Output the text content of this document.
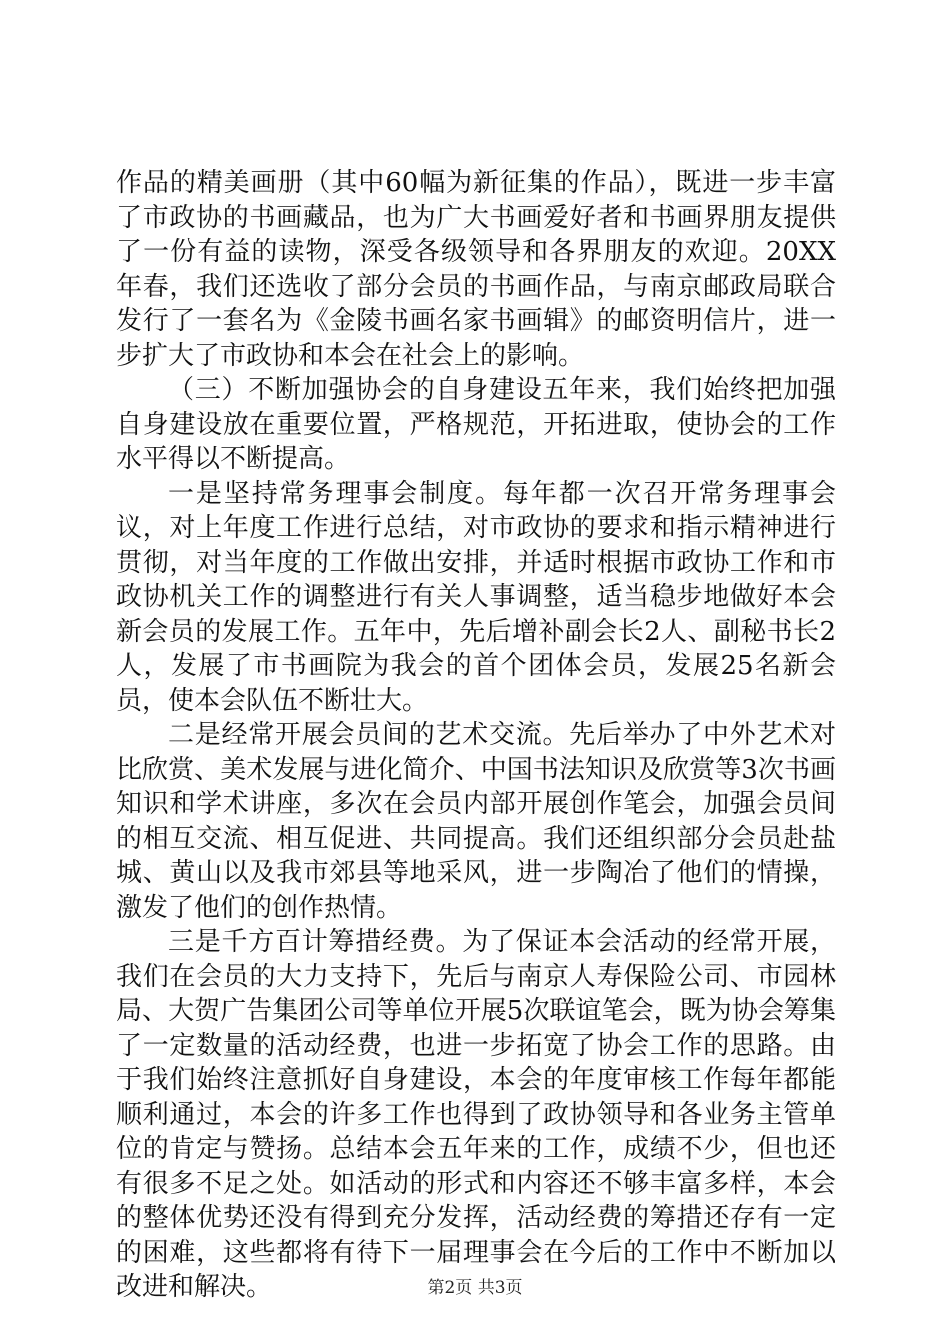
作品的精美画册（其中60幅为新征集的作品），既进一步丰富了市政协的书画藏品，也为广大书画爱好者和书画界朋友提供了一份有益的读物，深受各级领导和各界朋友的欢迎。20XX年春，我们还选收了部分会员的书画作品，与南京邮政局联合发行了一套名为《金陵书画名家书画辑》的邮资明信片，进一步扩大了市政协和本会在社会上的影响。

（三）不断加强协会的自身建设五年来，我们始终把加强自身建设放在重要位置，严格规范，开拓进取，使协会的工作水平得以不断提高。

一是坚持常务理事会制度。每年都一次召开常务理事会议，对上年度工作进行总结，对市政协的要求和指示精神进行贯彻，对当年度的工作做出安排，并适时根据市政协工作和市政协机关工作的调整进行有关人事调整，适当稳步地做好本会新会员的发展工作。五年中，先后增补副会长2人、副秘书长2人，发展了市书画院为我会的首个团体会员，发展25名新会员，使本会队伍不断壮大。

二是经常开展会员间的艺术交流。先后举办了中外艺术对比欣赏、美术发展与进化简介、中国书法知识及欣赏等3次书画知识和学术讲座，多次在会员内部开展创作笔会，加强会员间的相互交流、相互促进、共同提高。我们还组织部分会员赴盐城、黄山以及我市郊县等地采风，进一步陶冶了他们的情操，激发了他们的创作热情。

三是千方百计筹措经费。为了保证本会活动的经常开展，我们在会员的大力支持下，先后与南京人寿保险公司、市园林局、大贺广告集团公司等单位开展5次联谊笔会，既为协会筹集了一定数量的活动经费，也进一步拓宽了协会工作的思路。由于我们始终注意抓好自身建设，本会的年度审核工作每年都能顺利通过，本会的许多工作也得到了政协领导和各业务主管单位的肯定与赞扬。总结本会五年来的工作，成绩不少，但也还有很多不足之处。如活动的形式和内容还不够丰富多样，本会的整体优势还没有得到充分发挥，活动经费的筹措还存有一定的困难，这些都将有待下一届理事会在今后的工作中不断加以改进和解决。	第2页 共3页
